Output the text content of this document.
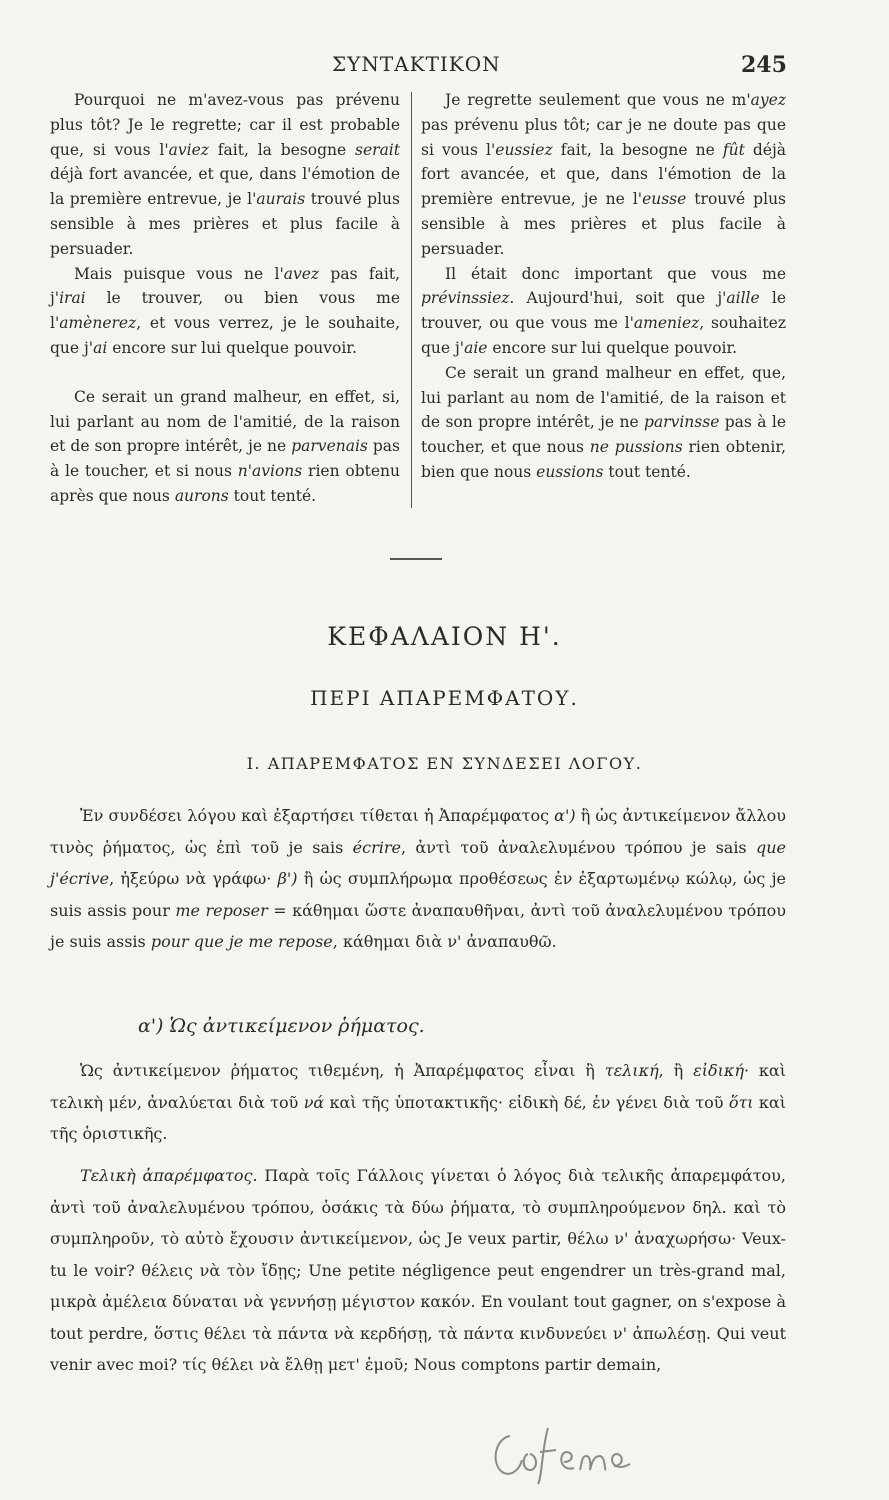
ΣΥΝΤΑΚΤΙΚΟΝ	245

Pourquoi ne m'avez-vous pas prévenu plus tôt? Je le regrette; car il est probable que, si vous l'aviez fait, la besogne serait déjà fort avancée, et que, dans l'émotion de la première entrevue, je l'aurais trouvé plus sensible à mes prières et plus facile à persuader.

Mais puisque vous ne l'avez pas fait, j'irai le trouver, ou bien vous me l'amènerez, et vous verrez, je le souhaite, que j'ai encore sur lui quelque pouvoir.

Ce serait un grand malheur, en effet, si, lui parlant au nom de l'amitié, de la raison et de son propre intérêt, je ne parvenais pas à le toucher, et si nous n'avions rien obtenu après que nous aurons tout tenté.

Je regrette seulement que vous ne m'ayez pas prévenu plus tôt; car je ne doute pas que si vous l'eussiez fait, la besogne ne fût déjà fort avancée, et que, dans l'émotion de la première entrevue, je ne l'eusse trouvé plus sensible à mes prières et plus facile à persuader.

Il était donc important que vous me prévinssiez. Aujourd'hui, soit que j'aille le trouver, ou que vous me l'ameniez, souhaitez que j'aie encore sur lui quelque pouvoir.

Ce serait un grand malheur en effet, que, lui parlant au nom de l'amitié, de la raison et de son propre intérêt, je ne parvinsse pas à le toucher, et que nous ne pussions rien obtenir, bien que nous eussions tout tenté.

ΚΕΦΑΛΑΙΟΝ Η'.
ΠΕΡΙ ΑΠΑΡΕΜΦΑΤΟΥ.
Ι. ΑΠΑΡΕΜΦΑΤΟΣ ΕΝ ΣΥΝΔΕΣΕΙ ΛΟΓΟΥ.

Ἐν συνδέσει λόγου καὶ ἐξαρτήσει τίθεται ἡ Ἀπαρέμφατος α') ἢ ὡς ἀντικείμενον ἄλλου τινὸς ῥήματος, ὡς ἐπὶ τοῦ je sais écrire, ἀντὶ τοῦ ἀναλελυμένου τρόπου je sais que j'écrive, ἠξεύρω νὰ γράφω· β') ἢ ὡς συμπλήρωμα προθέσεως ἐν ἐξαρτωμένῳ κώλῳ, ὡς je suis assis pour me reposer = κάθημαι ὥστε ἀναπαυθῆναι, ἀντὶ τοῦ ἀναλελυμένου τρόπου je suis assis pour que je me repose, κάθημαι διὰ ν' ἀναπαυθῶ.

α') Ὡς ἀντικείμενον ῥήματος.

Ὡς ἀντικείμενον ῥήματος τιθεμένη, ἡ Ἀπαρέμφατος εἶναι ἢ τελική, ἢ εἰδική· καὶ τελικὴ μέν, ἀναλύεται διὰ τοῦ νά καὶ τῆς ὑποτακτικῆς· εἰδικὴ δέ, ἐν γένει διὰ τοῦ ὅτι καὶ τῆς ὁριστικῆς.

Τελικὴ ἀπαρέμφατος. Παρὰ τοῖς Γάλλοις γίνεται ὁ λόγος διὰ τελικῆς ἀπαρεμφάτου, ἀντὶ τοῦ ἀναλελυμένου τρόπου, ὁσάκις τὰ δύω ῥήματα, τὸ συμπληρούμενον δηλ. καὶ τὸ συμπληροῦν, τὸ αὐτὸ ἔχουσιν ἀντικείμενον, ὡς Je veux partir, θέλω ν' ἀναχωρήσω· Veux-tu le voir? θέλεις νὰ τὸν ἴδῃς; Une petite négligence peut engendrer un très-grand mal, μικρὰ ἀμέλεια δύναται νὰ γεννήσῃ μέγιστον κακόν. En voulant tout gagner, on s'expose à tout perdre, ὅστις θέλει τὰ πάντα νὰ κερδήσῃ, τὰ πάντα κινδυνεύει ν' ἀπωλέσῃ. Qui veut venir avec moi? τίς θέλει νὰ ἔλθῃ μετ' ἐμοῦ; Nous comptons partir demain,
